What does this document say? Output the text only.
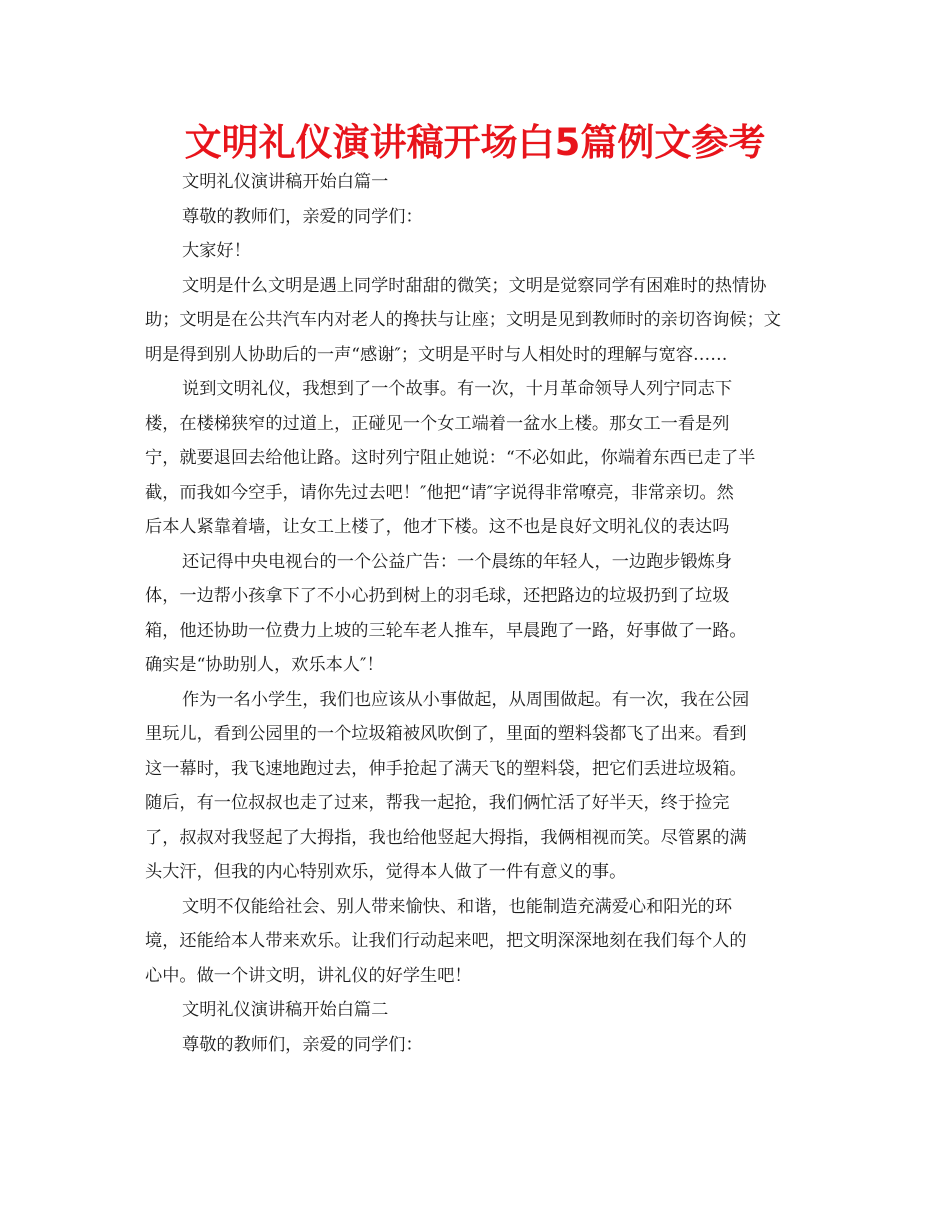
文明礼仪演讲稿开场白5篇例文参考
文明礼仪演讲稿开始白篇一
尊敬的教师们，亲爱的同学们：
大家好！
文明是什么文明是遇上同学时甜甜的微笑；文明是觉察同学有困难时的热情协
助；文明是在公共汽车内对老人的搀扶与让座；文明是见到教师时的亲切咨询候；文
明是得到别人协助后的一声“感谢″；文明是平时与人相处时的理解与宽容……
说到文明礼仪，我想到了一个故事。有一次，十月革命领导人列宁同志下
楼，在楼梯狭窄的过道上，正碰见一个女工端着一盆水上楼。那女工一看是列
宁，就要退回去给他让路。这时列宁阻止她说：“不必如此，你端着东西已走了半
截，而我如今空手，请你先过去吧！″他把“请″字说得非常嘹亮，非常亲切。然
后本人紧靠着墙，让女工上楼了，他才下楼。这不也是良好文明礼仪的表达吗
还记得中央电视台的一个公益广告：一个晨练的年轻人，一边跑步锻炼身
体，一边帮小孩拿下了不小心扔到树上的羽毛球，还把路边的垃圾扔到了垃圾
箱，他还协助一位费力上坡的三轮车老人推车，早晨跑了一路，好事做了一路。
确实是“协助别人，欢乐本人″！
作为一名小学生，我们也应该从小事做起，从周围做起。有一次，我在公园
里玩儿，看到公园里的一个垃圾箱被风吹倒了，里面的塑料袋都飞了出来。看到
这一幕时，我飞速地跑过去，伸手抢起了满天飞的塑料袋，把它们丢进垃圾箱。
随后，有一位叔叔也走了过来，帮我一起抢，我们俩忙活了好半天，终于捡完
了，叔叔对我竖起了大拇指，我也给他竖起大拇指，我俩相视而笑。尽管累的满
头大汗，但我的内心特别欢乐，觉得本人做了一件有意义的事。
文明不仅能给社会、别人带来愉快、和谐，也能制造充满爱心和阳光的环
境，还能给本人带来欢乐。让我们行动起来吧，把文明深深地刻在我们每个人的
心中。做一个讲文明，讲礼仪的好学生吧！
文明礼仪演讲稿开始白篇二
尊敬的教师们，亲爱的同学们：
